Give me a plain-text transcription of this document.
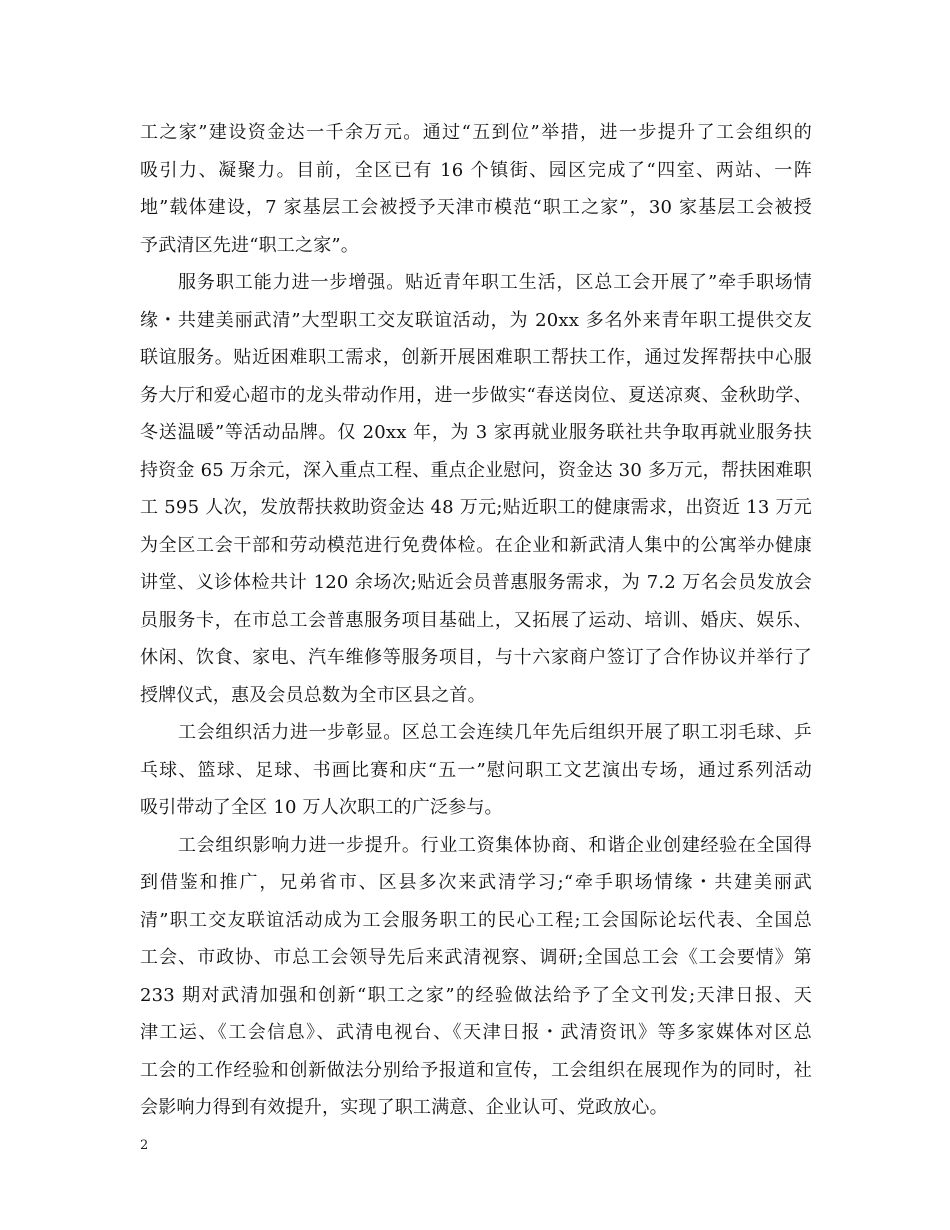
工之家”建设资金达一千余万元。通过“五到位”举措，进一步提升了工会组织的
吸引力、凝聚力。目前，全区已有 16 个镇街、园区完成了“四室、两站、一阵
地”载体建设，7 家基层工会被授予天津市模范“职工之家”，30 家基层工会被授
予武清区先进“职工之家”。
服务职工能力进一步增强。贴近青年职工生活，区总工会开展了”牵手职场情
缘・共建美丽武清”大型职工交友联谊活动，为 20xx 多名外来青年职工提供交友
联谊服务。贴近困难职工需求，创新开展困难职工帮扶工作，通过发挥帮扶中心服
务大厅和爱心超市的龙头带动作用，进一步做实“春送岗位、夏送凉爽、金秋助学、
冬送温暖”等活动品牌。仅 20xx 年，为 3 家再就业服务联社共争取再就业服务扶
持资金 65 万余元，深入重点工程、重点企业慰问，资金达 30 多万元，帮扶困难职
工 595 人次，发放帮扶救助资金达 48 万元;贴近职工的健康需求，出资近 13 万元
为全区工会干部和劳动模范进行免费体检。在企业和新武清人集中的公寓举办健康
讲堂、义诊体检共计 120 余场次;贴近会员普惠服务需求，为 7.2 万名会员发放会
员服务卡，在市总工会普惠服务项目基础上，又拓展了运动、培训、婚庆、娱乐、
休闲、饮食、家电、汽车维修等服务项目，与十六家商户签订了合作协议并举行了
授牌仪式，惠及会员总数为全市区县之首。
工会组织活力进一步彰显。区总工会连续几年先后组织开展了职工羽毛球、乒
乓球、篮球、足球、书画比赛和庆“五一”慰问职工文艺演出专场，通过系列活动
吸引带动了全区 10 万人次职工的广泛参与。
工会组织影响力进一步提升。行业工资集体协商、和谐企业创建经验在全国得
到借鉴和推广，兄弟省市、区县多次来武清学习;“牵手职场情缘・共建美丽武
清”职工交友联谊活动成为工会服务职工的民心工程;工会国际论坛代表、全国总
工会、市政协、市总工会领导先后来武清视察、调研;全国总工会《工会要情》第
233 期对武清加强和创新“职工之家”的经验做法给予了全文刊发;天津日报、天
津工运、《工会信息》、武清电视台、《天津日报・武清资讯》等多家媒体对区总
工会的工作经验和创新做法分别给予报道和宣传，工会组织在展现作为的同时，社
会影响力得到有效提升，实现了职工满意、企业认可、党政放心。
2
